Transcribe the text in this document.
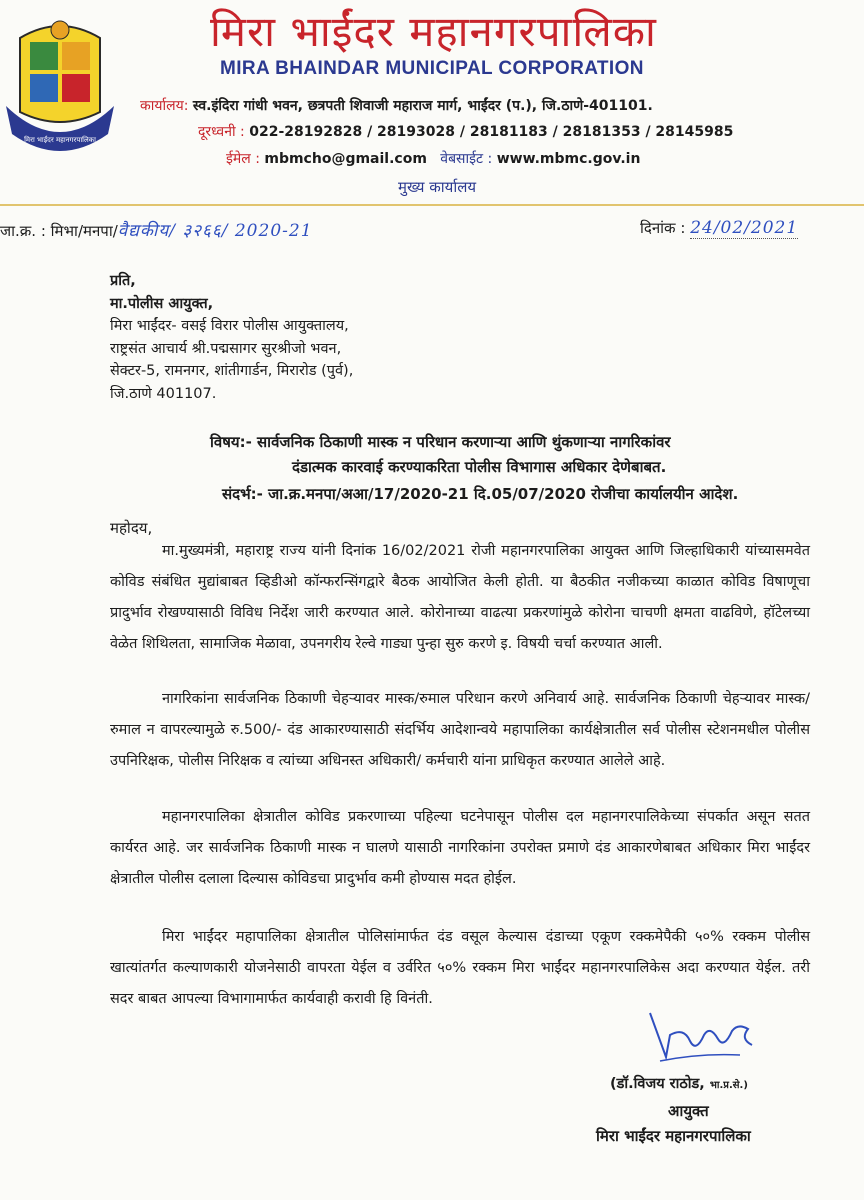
मिरा भाईंदर महानगरपालिका
मिरा भाईंदर महानगरपालिका
MIRA BHAINDAR MUNICIPAL CORPORATION
कार्यालय: स्व.इंदिरा गांधी भवन, छत्रपती शिवाजी महाराज मार्ग, भाईंदर (प.), जि.ठाणे-401101.
दूरध्वनी : 022-28192828 / 28193028 / 28181183 / 28181353 / 28145985
ईमेल : mbmcho@gmail.com वेबसाईट : www.mbmc.gov.in
मुख्य कार्यालय
जा.क्र. : मिभा/मनपा/वैद्यकीय/ ३२६६/ 2020-21	दिनांक : 24/02/2021
प्रति,
मा.पोलीस आयुक्त,
मिरा भाईंदर- वसई विरार पोलीस आयुक्तालय,
राष्ट्रसंत आचार्य श्री.पद्मसागर सुरश्रीजो भवन,
सेक्टर-5, रामनगर, शांतीगार्डन, मिरारोड (पुर्व),
जि.ठाणे 401107.
विषय:- सार्वजनिक ठिकाणी मास्क न परिधान करणाऱ्या आणि थुंकणाऱ्या नागरिकांवर
दंडात्मक कारवाई करण्याकरिता पोलीस विभागास अधिकार देणेबाबत.
संदर्भ:- जा.क्र.मनपा/अआ/17/2020-21 दि.05/07/2020 रोजीचा कार्यालयीन आदेश.
महोदय,

मा.मुख्यमंत्री, महाराष्ट्र राज्य यांनी दिनांक 16/02/2021 रोजी महानगरपालिका आयुक्त आणि जिल्हाधिकारी यांच्यासमवेत कोविड संबंधित मुद्यांबाबत व्हिडीओ कॉन्फरन्सिंगद्वारे बैठक आयोजित केली होती. या बैठकीत नजीकच्या काळात कोविड विषाणूचा प्रादुर्भाव रोखण्यासाठी विविध निर्देश जारी करण्यात आले. कोरोनाच्या वाढत्या प्रकरणांमुळे कोरोना चाचणी क्षमता वाढविणे, हॉटेलच्या वेळेत शिथिलता, सामाजिक मेळावा, उपनगरीय रेल्वे गाड्या पुन्हा सुरु करणे इ. विषयी चर्चा करण्यात आली.

नागरिकांना सार्वजनिक ठिकाणी चेहऱ्यावर मास्क/रुमाल परिधान करणे अनिवार्य आहे. सार्वजनिक ठिकाणी चेहऱ्यावर मास्क/ रुमाल न वापरल्यामुळे रु.500/- दंड आकारण्यासाठी संदर्भिय आदेशान्वये महापालिका कार्यक्षेत्रातील सर्व पोलीस स्टेशनमधील पोलीस उपनिरिक्षक, पोलीस निरिक्षक व त्यांच्या अधिनस्त अधिकारी/ कर्मचारी यांना प्राधिकृत करण्यात आलेले आहे.

महानगरपालिका क्षेत्रातील कोविड प्रकरणाच्या पहिल्या घटनेपासून पोलीस दल महानगरपालिकेच्या संपर्कात असून सतत कार्यरत आहे. जर सार्वजनिक ठिकाणी मास्क न घालणे यासाठी नागरिकांना उपरोक्त प्रमाणे दंड आकारणेबाबत अधिकार मिरा भाईंदर क्षेत्रातील पोलीस दलाला दिल्यास कोविडचा प्रादुर्भाव कमी होण्यास मदत होईल.

मिरा भाईंदर महापालिका क्षेत्रातील पोलिसांमार्फत दंड वसूल केल्यास दंडाच्या एकूण रक्कमेपैकी ५०% रक्कम पोलीस खात्यांतर्गत कल्याणकारी योजनेसाठी वापरता येईल व उर्वरित ५०% रक्कम मिरा भाईंदर महानगरपालिकेस अदा करण्यात येईल. तरी सदर बाबत आपल्या विभागामार्फत कार्यवाही करावी हि विनंती.

(डॉ.विजय राठोड, भा.प्र.से.)
आयुक्त
मिरा भाईंदर महानगरपालिका
